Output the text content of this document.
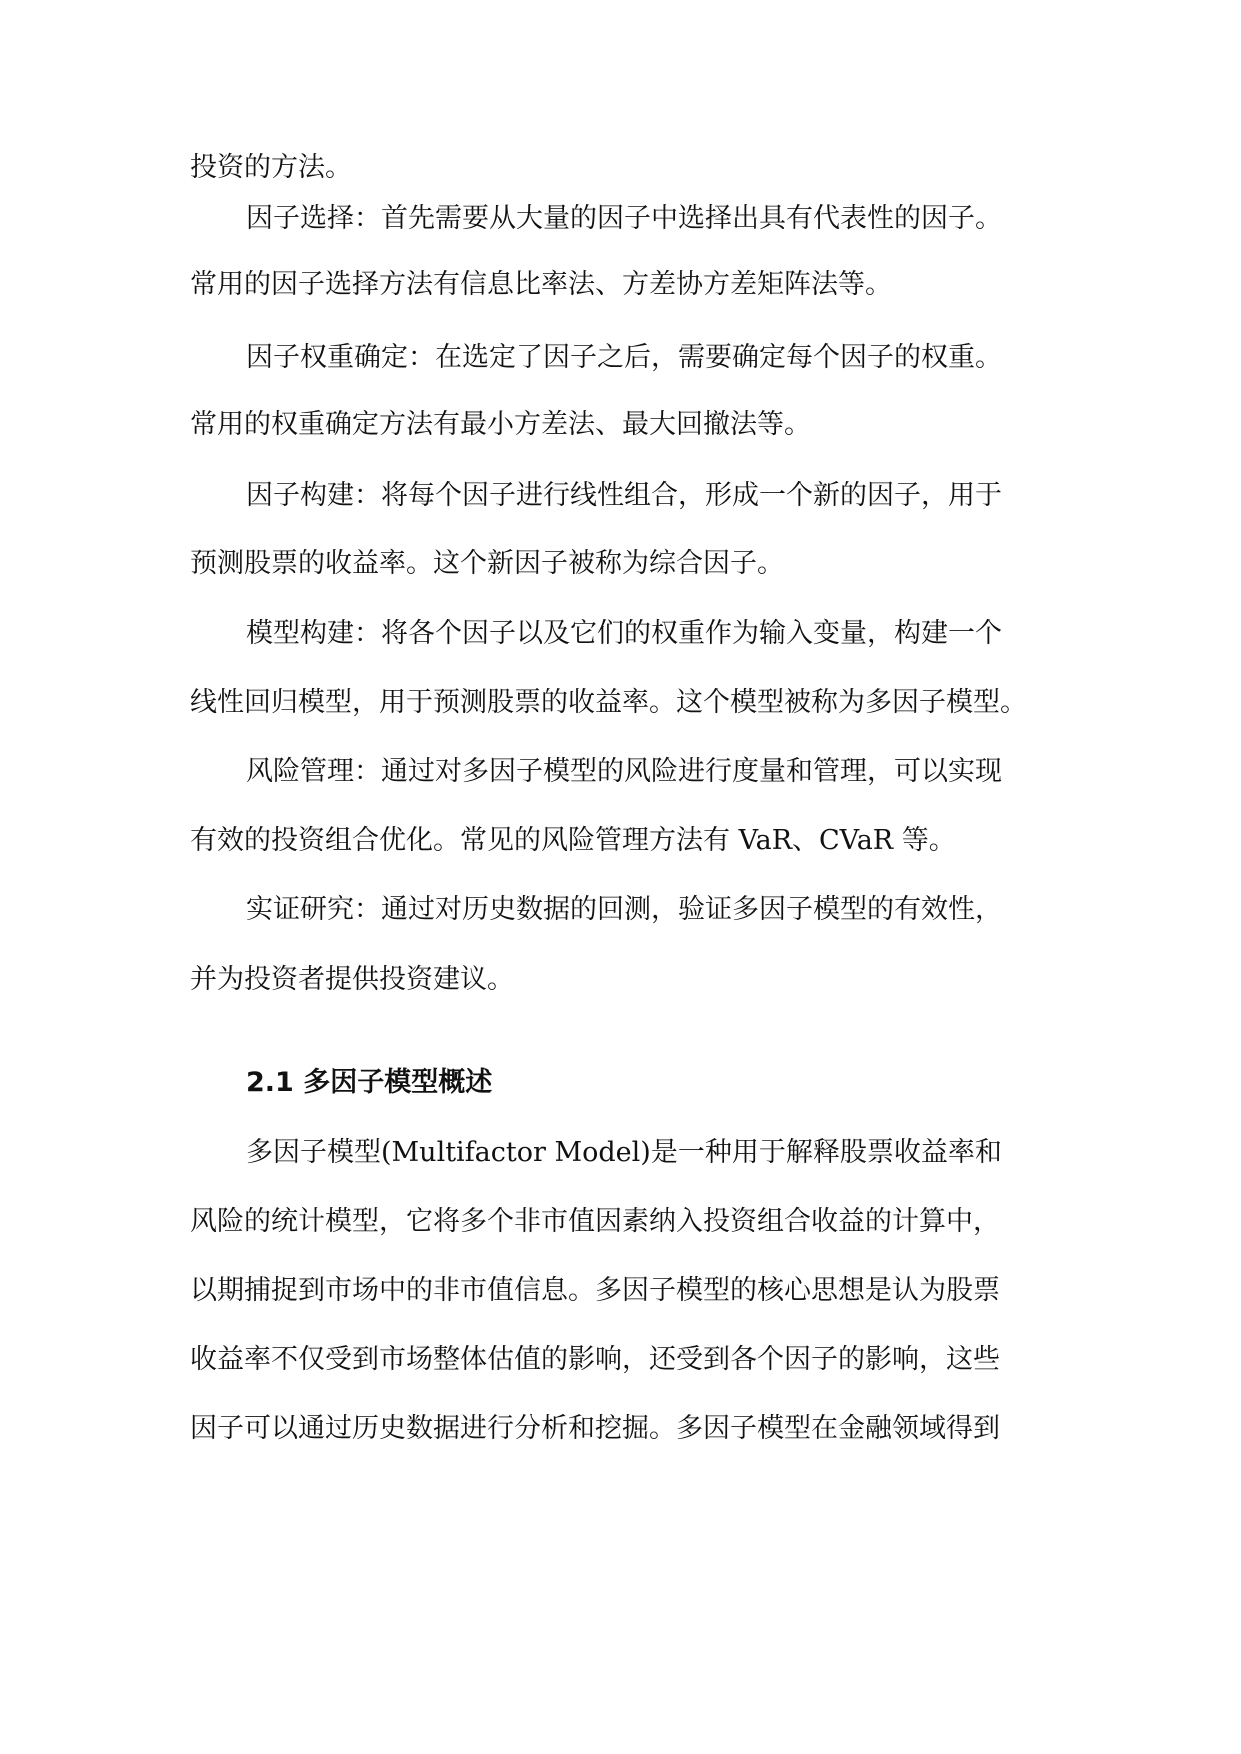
投资的方法。
因子选择：首先需要从大量的因子中选择出具有代表性的因子。
常用的因子选择方法有信息比率法、方差协方差矩阵法等。
因子权重确定：在选定了因子之后，需要确定每个因子的权重。
常用的权重确定方法有最小方差法、最大回撤法等。
因子构建：将每个因子进行线性组合，形成一个新的因子，用于
预测股票的收益率。这个新因子被称为综合因子。
模型构建：将各个因子以及它们的权重作为输入变量，构建一个
线性回归模型，用于预测股票的收益率。这个模型被称为多因子模型。
风险管理：通过对多因子模型的风险进行度量和管理，可以实现
有效的投资组合优化。常见的风险管理方法有 VaR、CVaR 等。
实证研究：通过对历史数据的回测，验证多因子模型的有效性，
并为投资者提供投资建议。
2.1 多因子模型概述
多因子模型(Multifactor Model)是一种用于解释股票收益率和
风险的统计模型，它将多个非市值因素纳入投资组合收益的计算中，
以期捕捉到市场中的非市值信息。多因子模型的核心思想是认为股票
收益率不仅受到市场整体估值的影响，还受到各个因子的影响，这些
因子可以通过历史数据进行分析和挖掘。多因子模型在金融领域得到
